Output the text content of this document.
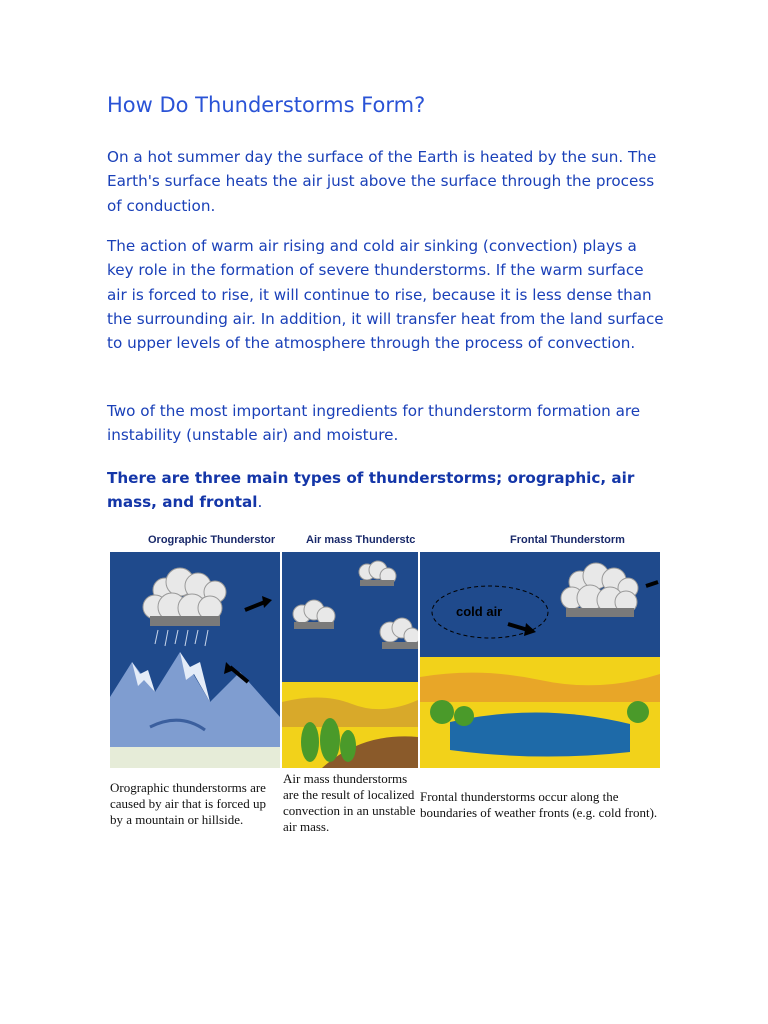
How Do Thunderstorms Form?

On a hot summer day the surface of the Earth is heated by the sun. The Earth's surface heats the air just above the surface through the process of conduction.

The action of warm air rising and cold air sinking (convection) plays a key role in the formation of severe thunderstorms. If the warm surface air is forced to rise, it will continue to rise, because it is less dense than the surrounding air. In addition, it will transfer heat from the land surface to upper levels of the atmosphere through the process of convection.

Two of the most important ingredients for thunderstorm formation are instability (unstable air) and moisture.

There are three main types of thunderstorms; orographic, air mass, and frontal.

Orographic Thunderstor	Air mass Thunderstc	Frontal Thunderstorm
cold air
Orographic thunderstorms are caused by air that is forced up by a mountain or hillside.
Air mass thunderstorms are the result of localized convection in an unstable air mass.
Frontal thunderstorms occur along the boundaries of weather fronts (e.g. cold front).
